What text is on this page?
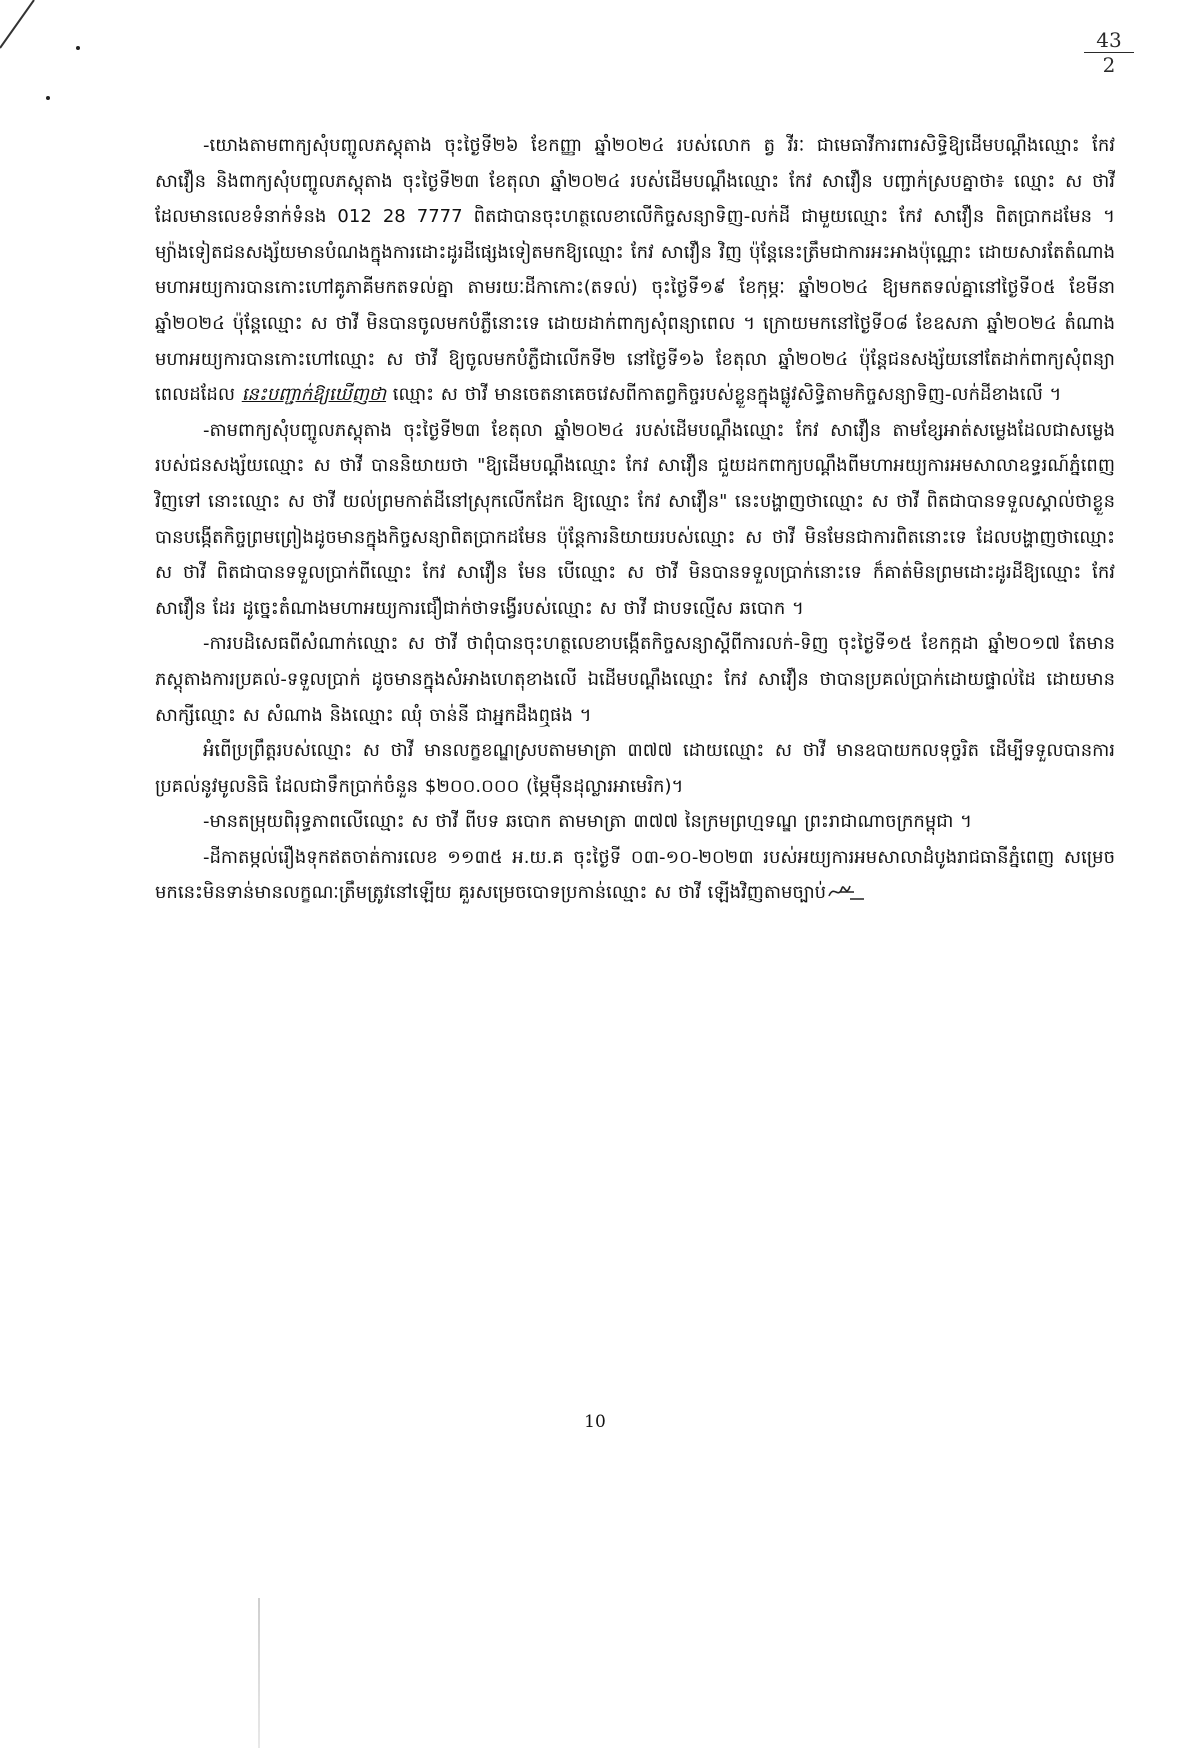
$\frac{43}{2}$

-យោងតាមពាក្យសុំបញ្ចូលភស្តុតាង ចុះថ្ងៃទី២៦ ខែកញ្ញា ឆ្នាំ២០២៤ របស់លោក ត្វ វីរៈ ជាមេធាវីការពារសិទ្ធិឱ្យដើមបណ្តឹងឈ្មោះ កែវ សាវឿន និងពាក្យសុំបញ្ចូលភស្តុតាង ចុះថ្ងៃទី២៣ ខែតុលា ឆ្នាំ២០២៤ របស់ដើមបណ្តឹងឈ្មោះ កែវ សាវឿន បញ្ជាក់ស្របគ្នាថា៖ ឈ្មោះ ស ថាវី ដែលមានលេខទំនាក់ទំនង 012 28 7777 ពិតជាបានចុះហត្ថលេខាលើកិច្ចសន្យាទិញ-លក់ដី ជាមួយឈ្មោះ កែវ សាវឿន ពិតប្រាកដមែន ។ ម្យ៉ាងទៀតជនសង្ស័យមានបំណងក្នុងការដោះដូរដីផ្សេងទៀតមកឱ្យឈ្មោះ កែវ សាវឿន វិញ ប៉ុន្តែនេះត្រឹមជាការអះអាងប៉ុណ្ណោះ ដោយសារតែតំណាងមហាអយ្យការបានកោះហៅគូភាគីមកតទល់គ្នា តាមរយៈដីកាកោះ(តទល់) ចុះថ្ងៃទី១៩ ខែកុម្ភៈ ឆ្នាំ២០២៤ ឱ្យមកតទល់គ្នានៅថ្ងៃទី០៥ ខែមីនា ឆ្នាំ២០២៤ ប៉ុន្តែឈ្មោះ ស ថាវី មិនបានចូលមកបំភ្លឺនោះទេ ដោយដាក់ពាក្យសុំពន្យាពេល ។ ក្រោយមកនៅថ្ងៃទី០៨ ខែឧសភា ឆ្នាំ២០២៤ តំណាងមហាអយ្យការបានកោះហៅឈ្មោះ ស ថាវី ឱ្យចូលមកបំភ្លឺជាលើកទី២ នៅថ្ងៃទី១៦ ខែតុលា ឆ្នាំ២០២៤ ប៉ុន្តែជនសង្ស័យនៅតែដាក់ពាក្យសុំពន្យាពេលដដែល នេះបញ្ជាក់ឱ្យឃើញថា ឈ្មោះ ស ថាវី មានចេតនាគេចវេសពីកាតព្វកិច្ចរបស់ខ្លួនក្នុងផ្លូវសិទ្ធិតាមកិច្ចសន្យាទិញ-លក់ដីខាងលើ ។

-តាមពាក្យសុំបញ្ចូលភស្តុតាង ចុះថ្ងៃទី២៣ ខែតុលា ឆ្នាំ២០២៤ របស់ដើមបណ្តឹងឈ្មោះ កែវ សាវឿន តាមខ្សែអាត់សម្លេងដែលជាសម្លេងរបស់ជនសង្ស័យឈ្មោះ ស ថាវី បាននិយាយថា "ឱ្យដើមបណ្តឹងឈ្មោះ កែវ សាវឿន ជួយដកពាក្យបណ្តឹងពីមហាអយ្យការអមសាលាឧទ្ធរណ៍ភ្នំពេញវិញទៅ នោះឈ្មោះ ស ថាវី យល់ព្រមកាត់ដីនៅស្រុកលើកដែក ឱ្យឈ្មោះ កែវ សាវឿន" នេះបង្ហាញថាឈ្មោះ ស ថាវី ពិតជាបានទទួលស្គាល់ថាខ្លួនបានបង្កើតកិច្ចព្រមព្រៀងដូចមានក្នុងកិច្ចសន្យាពិតប្រាកដមែន ប៉ុន្តែការនិយាយរបស់ឈ្មោះ ស ថាវី មិនមែនជាការពិតនោះទេ ដែលបង្ហាញថាឈ្មោះ ស ថាវី ពិតជាបានទទួលប្រាក់ពីឈ្មោះ កែវ សាវឿន មែន បើឈ្មោះ ស ថាវី មិនបានទទួលប្រាក់នោះទេ ក៏គាត់មិនព្រមដោះដូរដីឱ្យឈ្មោះ កែវ សាវឿន ដែរ ដូច្នេះតំណាងមហាអយ្យការជឿជាក់ថាទង្វើរបស់ឈ្មោះ ស ថាវី ជាបទល្មើស ឆបោក ។

-ការបដិសេធពីសំណាក់ឈ្មោះ ស ថាវី ថាពុំបានចុះហត្ថលេខាបង្កើតកិច្ចសន្យាស្តីពីការលក់-ទិញ ចុះថ្ងៃទី១៥ ខែកក្កដា ឆ្នាំ២០១៧ តែមានភស្តុតាងការប្រគល់-ទទួលប្រាក់ ដូចមានក្នុងសំអាងហេតុខាងលើ ឯដើមបណ្តឹងឈ្មោះ កែវ សាវឿន ថាបានប្រគល់ប្រាក់ដោយផ្ទាល់ដៃ ដោយមានសាក្សីឈ្មោះ ស សំណាង និងឈ្មោះ ឈុំ ចាន់នី ជាអ្នកដឹងឮផង ។

អំពើប្រព្រឹត្តរបស់ឈ្មោះ ស ថាវី មានលក្ខខណ្ឌស្របតាមមាត្រា ៣៧៧ ដោយឈ្មោះ ស ថាវី មានឧបាយកលទុច្ចរិត ដើម្បីទទួលបានការប្រគល់នូវមូលនិធិ ដែលជាទឹកប្រាក់ចំនួន $២០០.០០០ (ម្ភៃម៉ឺនដុល្លារអាមេរិក)។

-មានតម្រុយពិរុទ្ធភាពលើឈ្មោះ ស ថាវី ពីបទ ឆបោក តាមមាត្រា ៣៧៧ នៃក្រមព្រហ្មទណ្ឌ ព្រះរាជាណាចក្រកម្ពុជា ។

-ដីកាតម្កល់រឿងទុកឥតចាត់ការលេខ ១១៣៥ អ.យ.គ ចុះថ្ងៃទី ០៣-១០-២០២៣ របស់អយ្យការអមសាលាដំបូងរាជធានីភ្នំពេញ សម្រេចមកនេះមិនទាន់មានលក្ខណៈត្រឹមត្រូវនៅឡើយ គួរសម្រេចបោទប្រកាន់ឈ្មោះ ស ថាវី ឡើងវិញតាមច្បាប់

10
